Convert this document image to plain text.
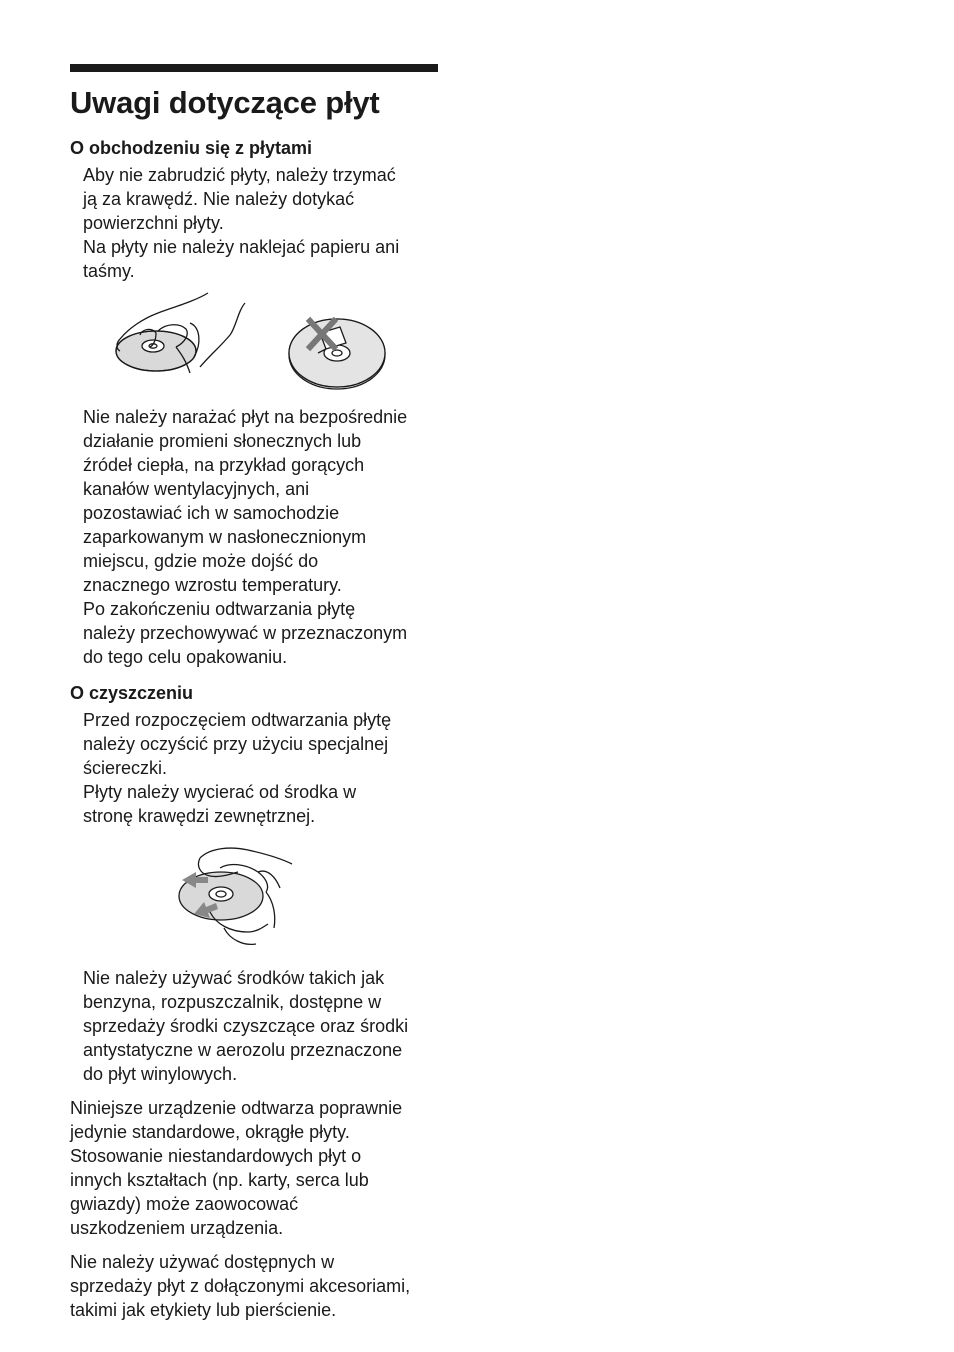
Uwagi dotyczące płyt
O obchodzeniu się z płytami

Aby nie zabrudzić płyty, należy trzymać

ją za krawędź. Nie należy dotykać

powierzchni płyty.

Na płyty nie należy naklejać papieru ani

taśmy.

Nie należy narażać płyt na bezpośrednie

działanie promieni słonecznych lub

źródeł ciepła, na przykład gorących

kanałów wentylacyjnych, ani

pozostawiać ich w samochodzie

zaparkowanym w nasłonecznionym

miejscu, gdzie może dojść do

znacznego wzrostu temperatury.

Po zakończeniu odtwarzania płytę

należy przechowywać w przeznaczonym

do tego celu opakowaniu.

O czyszczeniu

Przed rozpoczęciem odtwarzania płytę

należy oczyścić przy użyciu specjalnej

ściereczki.

Płyty należy wycierać od środka w

stronę krawędzi zewnętrznej.

Nie należy używać środków takich jak

benzyna, rozpuszczalnik, dostępne w

sprzedaży środki czyszczące oraz środki

antystatyczne w aerozolu przeznaczone

do płyt winylowych.

Niniejsze urządzenie odtwarza poprawnie

jedynie standardowe, okrągłe płyty.

Stosowanie niestandardowych płyt o

innych kształtach (np. karty, serca lub

gwiazdy) może zaowocować

uszkodzeniem urządzenia.

Nie należy używać dostępnych w

sprzedaży płyt z dołączonymi akcesoriami,

takimi jak etykiety lub pierścienie.
